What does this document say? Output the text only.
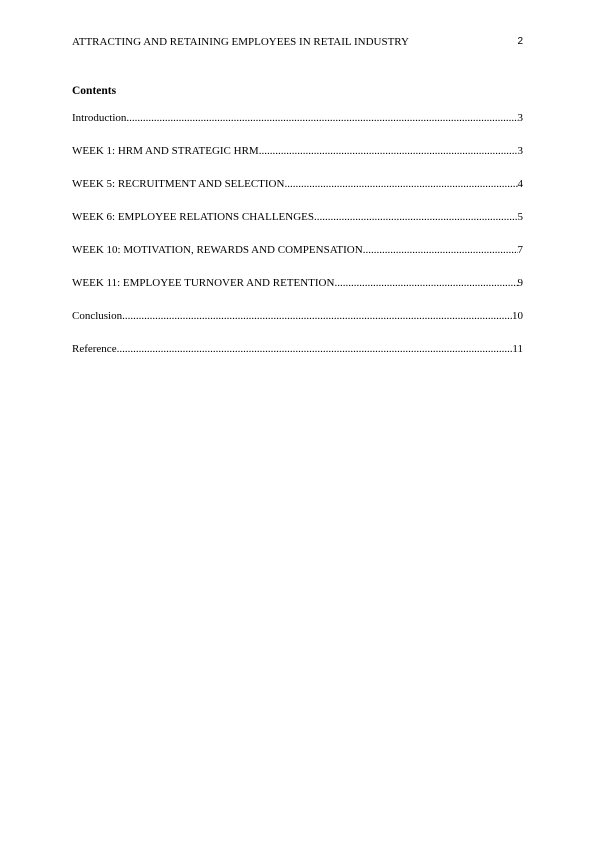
ATTRACTING AND RETAINING EMPLOYEES IN RETAIL INDUSTRY	2
Contents
Introduction .....	3
WEEK 1: HRM AND STRATEGIC HRM .....	3
WEEK 5: RECRUITMENT AND SELECTION .....	4
WEEK 6: EMPLOYEE RELATIONS CHALLENGES .....	5
WEEK 10: MOTIVATION, REWARDS AND COMPENSATION .....	7
WEEK 11: EMPLOYEE TURNOVER AND RETENTION .....	9
Conclusion .....	10
Reference .....	11
